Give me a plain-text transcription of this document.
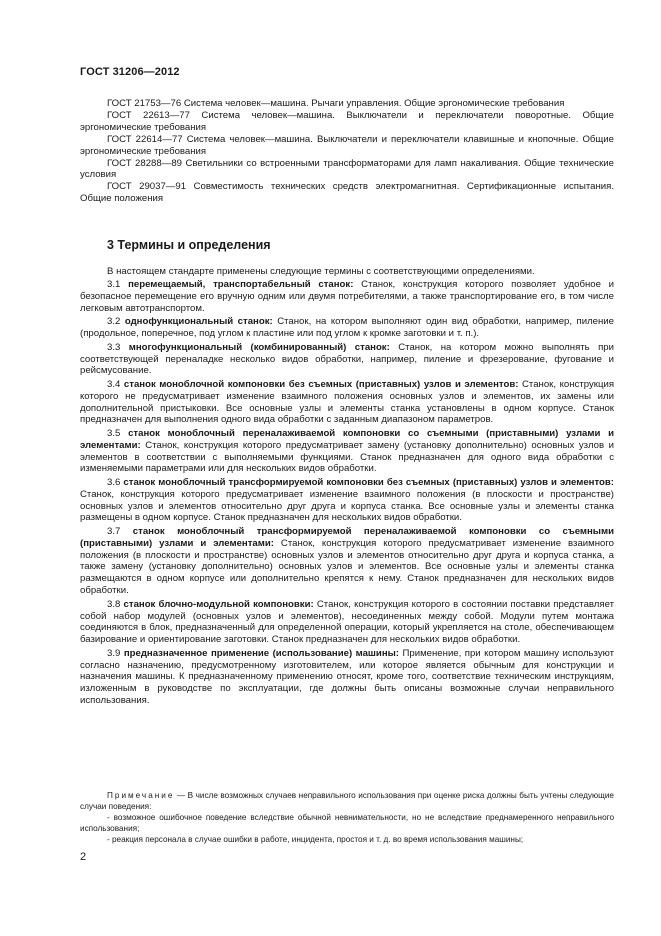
ГОСТ 31206—2012

ГОСТ 21753—76 Система человек—машина. Рычаги управления. Общие эргономические требования

ГОСТ 22613—77 Система человек—машина. Выключатели и переключатели поворотные. Общие эргономические требования

ГОСТ 22614—77 Система человек—машина. Выключатели и переключатели клавишные и кнопочные. Общие эргономические требования

ГОСТ 28288—89 Светильники со встроенными трансформаторами для ламп накаливания. Общие технические условия

ГОСТ 29037—91 Совместимость технических средств электромагнитная. Сертификационные испытания. Общие положения

3 Термины и определения

В настоящем стандарте применены следующие термины с соответствующими определениями.

3.1 перемещаемый, транспортабельный станок: Станок, конструкция которого позволяет удобное и безопасное перемещение его вручную одним или двумя потребителями, а также транспортирование его, в том числе легковым автотранспортом.

3.2 однофункциональный станок: Станок, на котором выполняют один вид обработки, например, пиление (продольное, поперечное, под углом к пластине или под углом к кромке заготовки и т. п.).

3.3 многофункциональный (комбинированный) станок: Станок, на котором можно выполнять при соответствующей переналадке несколько видов обработки, например, пиление и фрезерование, фугование и рейсмусование.

3.4 станок моноблочной компоновки без съемных (приставных) узлов и элементов: Станок, конструкция которого не предусматривает изменение взаимного положения основных узлов и элементов, их замены или дополнительной пристыковки. Все основные узлы и элементы станка установлены в одном корпусе. Станок предназначен для выполнения одного вида обработки с заданным диапазоном параметров.

3.5 станок моноблочный переналаживаемой компоновки со съемными (приставными) узлами и элементами: Станок, конструкция которого предусматривает замену (установку дополнительно) основных узлов и элементов в соответствии с выполняемыми функциями. Станок предназначен для одного вида обработки с изменяемыми параметрами или для нескольких видов обработки.

3.6 станок моноблочный трансформируемой компоновки без съемных (приставных) узлов и элементов: Станок, конструкция которого предусматривает изменение взаимного положения (в плоскости и пространстве) основных узлов и элементов относительно друг друга и корпуса станка. Все основные узлы и элементы станка размещены в одном корпусе. Станок предназначен для нескольких видов обработки.

3.7 станок моноблочный трансформируемой переналаживаемой компоновки со съемными (приставными) узлами и элементами: Станок, конструкция которого предусматривает изменение взаимного положения (в плоскости и пространстве) основных узлов и элементов относительно друг друга и корпуса станка, а также замену (установку дополнительно) основных узлов и элементов. Все основные узлы и элементы станка размещаются в одном корпусе или дополнительно крепятся к нему. Станок предназначен для нескольких видов обработки.

3.8 станок блочно-модульной компоновки: Станок, конструкция которого в состоянии поставки представляет собой набор модулей (основных узлов и элементов), несоединенных между собой. Модули путем монтажа соединяются в блок, предназначенный для определенной операции, который укрепляется на столе, обеспечивающем базирование и ориентирование заготовки. Станок предназначен для нескольких видов обработки.

3.9 предназначенное применение (использование) машины: Применение, при котором машину используют согласно назначению, предусмотренному изготовителем, или которое является обычным для конструкции и назначения машины. К предназначенному применению относят, кроме того, соответствие техническим инструкциям, изложенным в руководстве по эксплуатации, где должны быть описаны возможные случаи неправильного использования.

Примечание — В числе возможных случаев неправильного использования при оценке риска должны быть учтены следующие случаи поведения:

- возможное ошибочное поведение вследствие обычной невнимательности, но не вследствие преднамеренного неправильного использования;

- реакция персонала в случае ошибки в работе, инцидента, простоя и т. д. во время использования машины;

2
